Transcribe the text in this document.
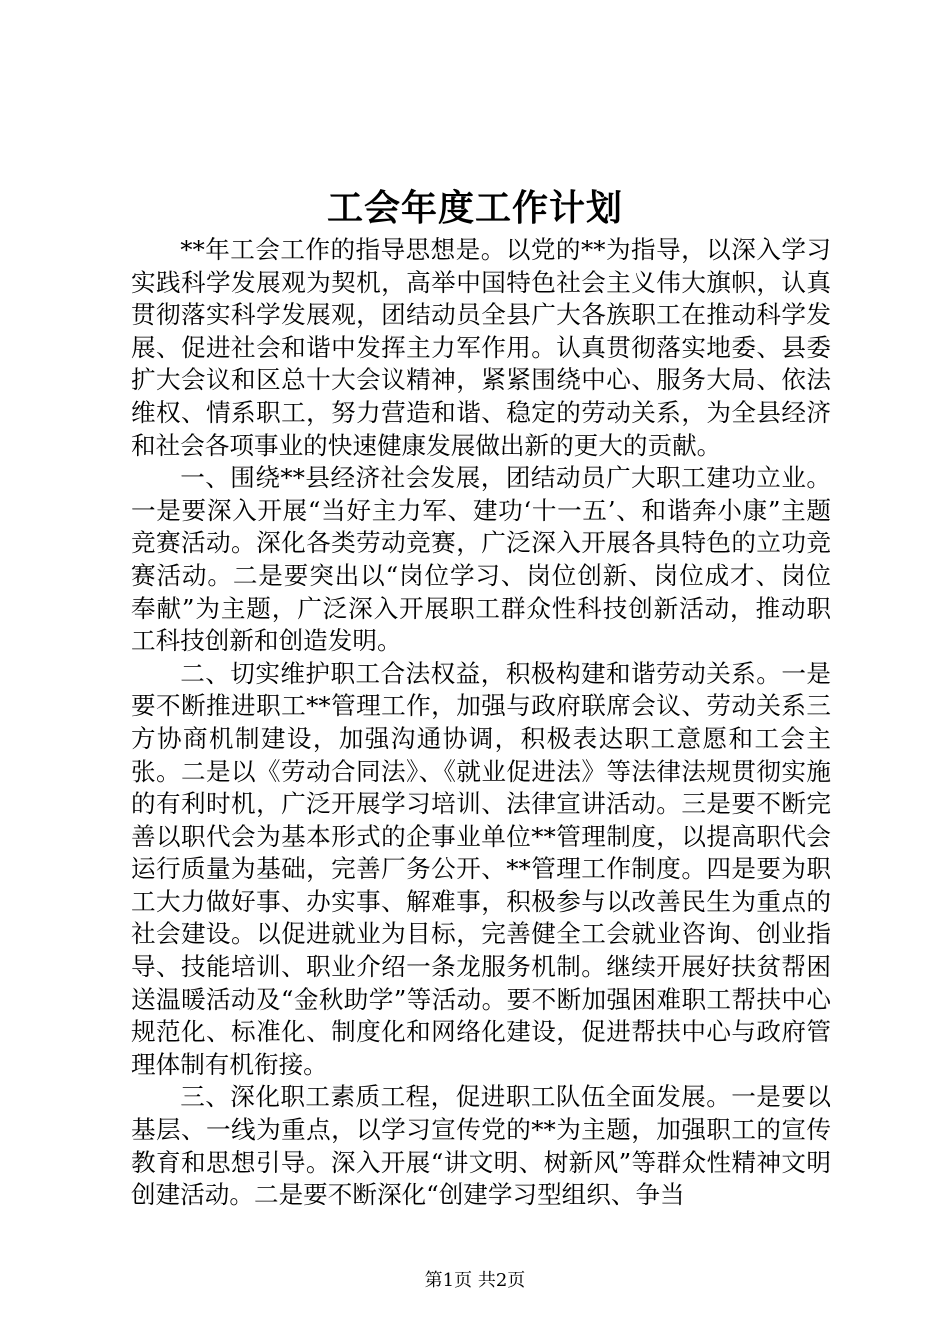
工会年度工作计划

**年工会工作的指导思想是。以党的**为指导，以深入学习实践科学发展观为契机，高举中国特色社会主义伟大旗帜，认真贯彻落实科学发展观，团结动员全县广大各族职工在推动科学发展、促进社会和谐中发挥主力军作用。认真贯彻落实地委、县委扩大会议和区总十大会议精神，紧紧围绕中心、服务大局、依法维权、情系职工，努力营造和谐、稳定的劳动关系，为全县经济和社会各项事业的快速健康发展做出新的更大的贡献。

一、围绕**县经济社会发展，团结动员广大职工建功立业。一是要深入开展“当好主力军、建功‘十一五’、和谐奔小康”主题竞赛活动。深化各类劳动竞赛，广泛深入开展各具特色的立功竞赛活动。二是要突出以“岗位学习、岗位创新、岗位成才、岗位奉献”为主题，广泛深入开展职工群众性科技创新活动，推动职工科技创新和创造发明。

二、切实维护职工合法权益，积极构建和谐劳动关系。一是要不断推进职工**管理工作，加强与政府联席会议、劳动关系三方协商机制建设，加强沟通协调，积极表达职工意愿和工会主张。二是以《劳动合同法》、《就业促进法》等法律法规贯彻实施的有利时机，广泛开展学习培训、法律宣讲活动。三是要不断完善以职代会为基本形式的企事业单位**管理制度，以提高职代会运行质量为基础，完善厂务公开、**管理工作制度。四是要为职工大力做好事、办实事、解难事，积极参与以改善民生为重点的社会建设。以促进就业为目标，完善健全工会就业咨询、创业指导、技能培训、职业介绍一条龙服务机制。继续开展好扶贫帮困送温暖活动及“金秋助学”等活动。要不断加强困难职工帮扶中心规范化、标准化、制度化和网络化建设，促进帮扶中心与政府管理体制有机衔接。

三、深化职工素质工程，促进职工队伍全面发展。一是要以基层、一线为重点，以学习宣传党的**为主题，加强职工的宣传教育和思想引导。深入开展“讲文明、树新风”等群众性精神文明创建活动。二是要不断深化“创建学习型组织、争当

第1页 共2页
